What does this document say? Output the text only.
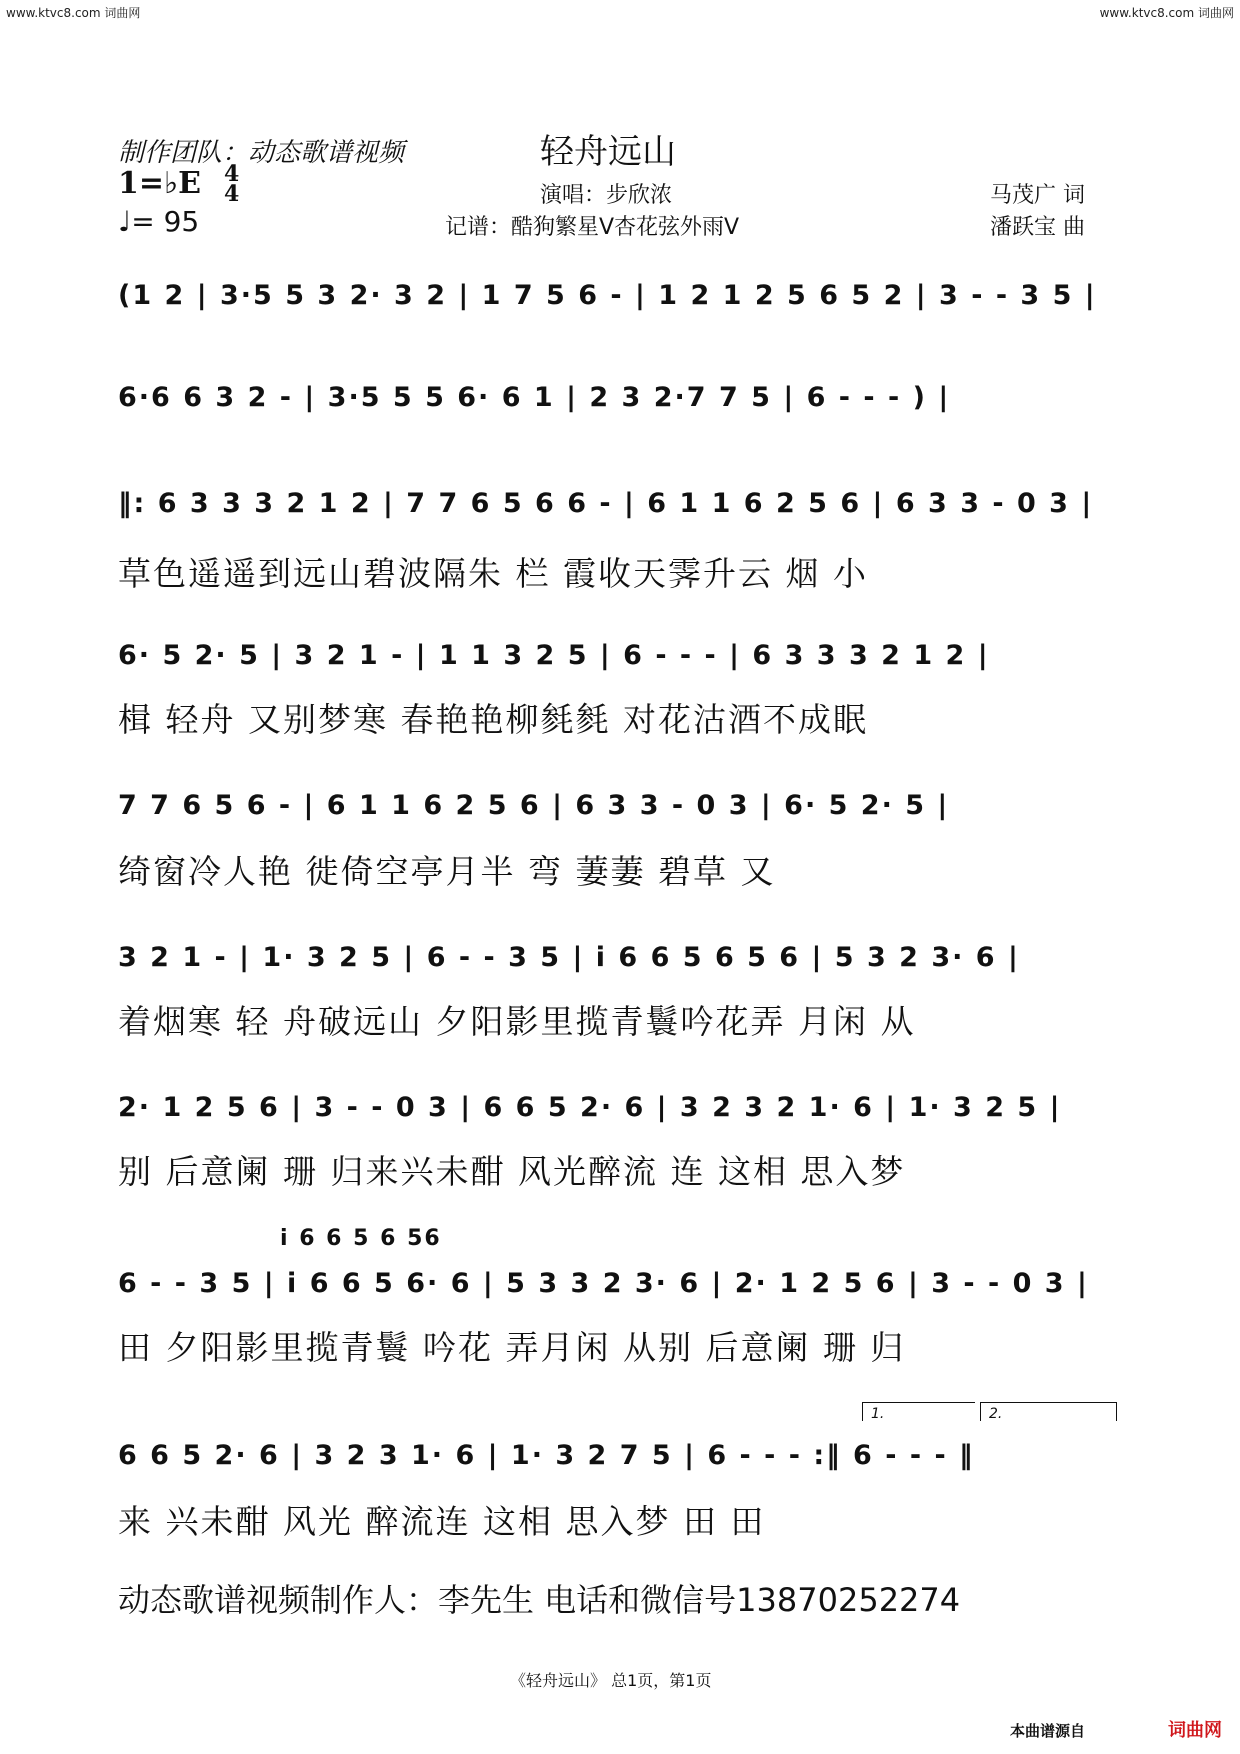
www.ktvc8.com 词曲网	www.ktvc8.com 词曲网
制作团队：动态歌谱视频	轻舟远山
1=♭E 4
4
♩= 95
演唱：步欣浓
记谱：酷狗繁星V杏花弦外雨V
马茂广 词
潘跃宝 曲
(1 2 | 3·5 5 3 2· 3 2 | 1 7 5 6 - | 1 2 1 2 5 6 5 2 | 3 - - 3 5 |
6·6 6 3 2 - | 3·5 5 5 6· 6 1 | 2 3 2·7 7 5 | 6 - - - ) |
‖: 6 3 3 3 2 1 2 | 7 7 6 5 6 6 - | 6 1 1 6 2 5 6 | 6 3 3 - 0 3 |
草色遥遥到远山碧波隔朱 栏 霞收天霁升云 烟 小
6· 5 2· 5 | 3 2 1 - | 1 1 3 2 5 | 6 - - - | 6 3 3 3 2 1 2 |
楫 轻舟 又别梦寒 春艳艳柳毵毵 对花沽酒不成眠
7 7 6 5 6 - | 6 1 1 6 2 5 6 | 6 3 3 - 0 3 | 6· 5 2· 5 |
绮窗冷人艳 徙倚空亭月半 弯 萋萋 碧草 又
3 2 1 - | 1· 3 2 5 | 6 - - 3 5 | i 6 6 5 6 5 6 | 5 3 2 3· 6 |
着烟寒 轻 舟破远山 夕阳影里揽青鬟吟花弄 月闲 从
2· 1 2 5 6 | 3 - - 0 3 | 6 6 5 2· 6 | 3 2 3 2 1· 6 | 1· 3 2 5 |
别 后意阑 珊 归来兴未酣 风光醉流 连 这相 思入梦
i 6 6 5 6 56
6 - - 3 5 | i 6 6 5 6· 6 | 5 3 3 2 3· 6 | 2· 1 2 5 6 | 3 - - 0 3 |
田 夕阳影里揽青鬟 吟花 弄月闲 从别 后意阑 珊 归
1.	2.
6 6 5 2· 6 | 3 2 3 1· 6 | 1· 3 2 7 5 | 6 - - - :‖ 6 - - - ‖
来 兴未酣 风光 醉流连 这相 思入梦 田 田
动态歌谱视频制作人：李先生 电话和微信号13870252274
《轻舟远山》 总1页，第1页
本曲谱源自	词曲网
